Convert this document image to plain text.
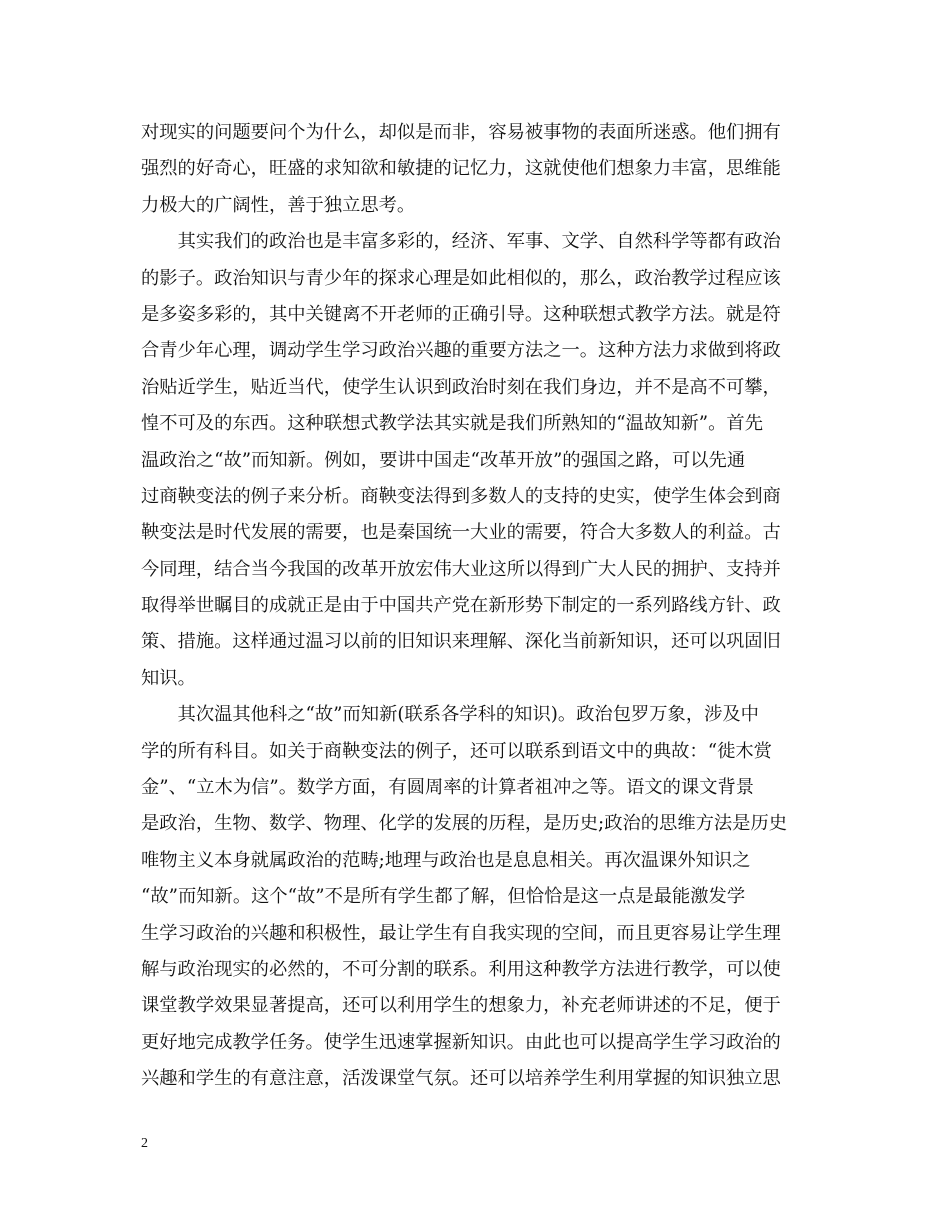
对现实的问题要问个为什么，却似是而非，容易被事物的表面所迷惑。他们拥有
强烈的好奇心，旺盛的求知欲和敏捷的记忆力，这就使他们想象力丰富，思维能
力极大的广阔性，善于独立思考。
　　其实我们的政治也是丰富多彩的，经济、军事、文学、自然科学等都有政治
的影子。政治知识与青少年的探求心理是如此相似的，那么，政治教学过程应该
是多姿多彩的，其中关键离不开老师的正确引导。这种联想式教学方法。就是符
合青少年心理，调动学生学习政治兴趣的重要方法之一。这种方法力求做到将政
治贴近学生，贴近当代，使学生认识到政治时刻在我们身边，并不是高不可攀，
惶不可及的东西。这种联想式教学法其实就是我们所熟知的“温故知新”。首先
温政治之“故”而知新。例如，要讲中国走“改革开放”的强国之路，可以先通
过商鞅变法的例子来分析。商鞅变法得到多数人的支持的史实，使学生体会到商
鞅变法是时代发展的需要，也是秦国统一大业的需要，符合大多数人的利益。古
今同理，结合当今我国的改革开放宏伟大业这所以得到广大人民的拥护、支持并
取得举世瞩目的成就正是由于中国共产党在新形势下制定的一系列路线方针、政
策、措施。这样通过温习以前的旧知识来理解、深化当前新知识，还可以巩固旧
知识。
　　其次温其他科之“故”而知新(联系各学科的知识)。政治包罗万象，涉及中
学的所有科目。如关于商鞅变法的例子，还可以联系到语文中的典故：“徙木赏
金”、“立木为信”。数学方面，有圆周率的计算者祖冲之等。语文的课文背景
是政治，生物、数学、物理、化学的发展的历程，是历史;政治的思维方法是历史
唯物主义本身就属政治的范畴;地理与政治也是息息相关。再次温课外知识之
“故”而知新。这个“故”不是所有学生都了解，但恰恰是这一点是最能激发学
生学习政治的兴趣和积极性，最让学生有自我实现的空间，而且更容易让学生理
解与政治现实的必然的，不可分割的联系。利用这种教学方法进行教学，可以使
课堂教学效果显著提高，还可以利用学生的想象力，补充老师讲述的不足，便于
更好地完成教学任务。使学生迅速掌握新知识。由此也可以提高学生学习政治的
兴趣和学生的有意注意，活泼课堂气氛。还可以培养学生利用掌握的知识独立思
2
